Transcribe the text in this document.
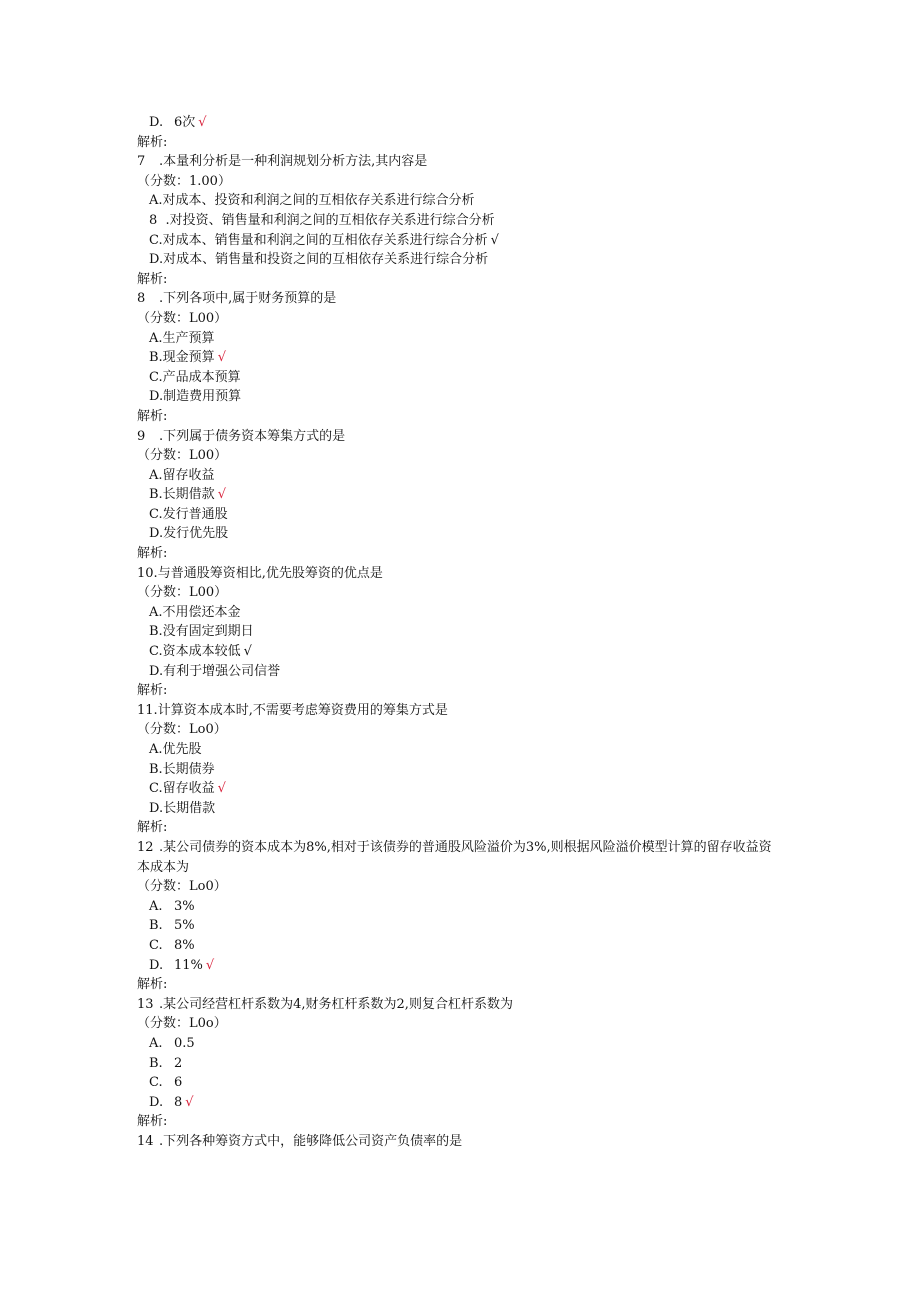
D. 6次 √
解析:
7 .本量利分析是一种利润规划分析方法,其内容是
（分数：1.00）
A.对成本、投资和利润之间的互相依存关系进行综合分析
8  .对投资、销售量和利润之间的互相依存关系进行综合分析
C.对成本、销售量和利润之间的互相依存关系进行综合分析 √
D.对成本、销售量和投资之间的互相依存关系进行综合分析
解析:
8 .下列各项中,属于财务预算的是
（分数：L00）
A.生产预算
B.现金预算 √
C.产品成本预算
D.制造费用预算
解析:
9 .下列属于债务资本筹集方式的是
（分数：L00）
A.留存收益
B.长期借款 √
C.发行普通股
D.发行优先股
解析:
10.与普通股筹资相比,优先股筹资的优点是
（分数：L00）
A.不用偿还本金
B.没有固定到期日
C.资本成本较低 √
D.有利于增强公司信誉
解析:
11.计算资本成本时,不需要考虑筹资费用的筹集方式是
（分数：Lo0）
A.优先股
B.长期债券
C.留存收益 √
D.长期借款
解析:
12 .某公司债券的资本成本为8%,相对于该债券的普通股风险溢价为3%,则根据风险溢价模型计算的留存收益资本成本为
（分数：Lo0）
A. 3%
B. 5%
C. 8%
D. 11% √
解析:
13 .某公司经营杠杆系数为4,财务杠杆系数为2,则复合杠杆系数为
（分数：L0o）
A. 0.5
B. 2
C. 6
D. 8 √
解析:
14 .下列各种筹资方式中，能够降低公司资产负债率的是
